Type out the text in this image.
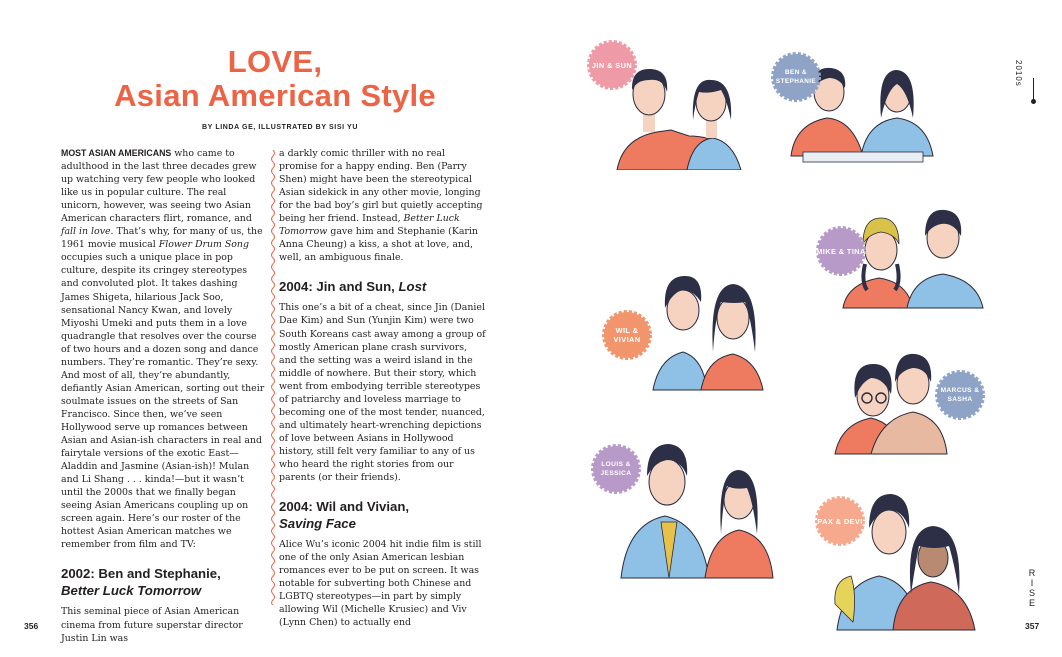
LOVE,
Asian American Style
BY LINDA GE, ILLUSTRATED BY SISI YU

MOST ASIAN AMERICANS who came to adulthood in the last three decades grew up watching very few people who looked like us in popular culture. The real unicorn, however, was seeing two Asian American characters flirt, romance, and fall in love. That’s why, for many of us, the 1961 movie musical Flower Drum Song occupies such a unique place in pop culture, despite its cringey stereotypes and convoluted plot. It takes dashing James Shigeta, hilarious Jack Soo, sensational Nancy Kwan, and lovely Miyoshi Umeki and puts them in a love quadrangle that resolves over the course of two hours and a dozen song and dance numbers. They’re romantic. They’re sexy. And most of all, they’re abundantly, defiantly Asian American, sorting out their soulmate issues on the streets of San Francisco. Since then, we’ve seen Hollywood serve up romances between Asian and Asian-ish characters in real and fairytale versions of the exotic East—Aladdin and Jasmine (Asian-ish)! Mulan and Li Shang . . . kinda!—but it wasn’t until the 2000s that we finally began seeing Asian Americans coupling up on screen again. Here’s our roster of the hottest Asian American matches we remember from film and TV:

2002: Ben and Stephanie,
Better Luck Tomorrow

This seminal piece of Asian American cinema from future superstar director Justin Lin was

a darkly comic thriller with no real promise for a happy ending. Ben (Parry Shen) might have been the stereotypical Asian sidekick in any other movie, longing for the bad boy’s girl but quietly accepting being her friend. Instead, Better Luck Tomorrow gave him and Stephanie (Karin Anna Cheung) a kiss, a shot at love, and, well, an ambiguous finale.

2004: Jin and Sun, Lost

This one’s a bit of a cheat, since Jin (Daniel Dae Kim) and Sun (Yunjin Kim) were two South Koreans cast away among a group of mostly American plane crash survivors, and the setting was a weird island in the middle of nowhere. But their story, which went from embodying terrible stereotypes of patriarchy and loveless marriage to becoming one of the most tender, nuanced, and ultimately heart-wrenching depictions of love between Asians in Hollywood history, still felt very familiar to any of us who heard the right stories from our parents (or their friends).

2004: Wil and Vivian,
Saving Face

Alice Wu’s iconic 2004 hit indie film is still one of the only Asian American lesbian romances ever to be put on screen. It was notable for subverting both Chinese and LGBTQ stereotypes—in part by simply allowing Wil (Michelle Krusiec) and Viv (Lynn Chen) to actually end

356
JIN & SUN
BEN & STEPHANIE
MIKE & TINA
WIL & VIVIAN
MARCUS & SASHA
LOUIS & JESSICA
PAX & DEVI
2010s
R
I
S
E
357
